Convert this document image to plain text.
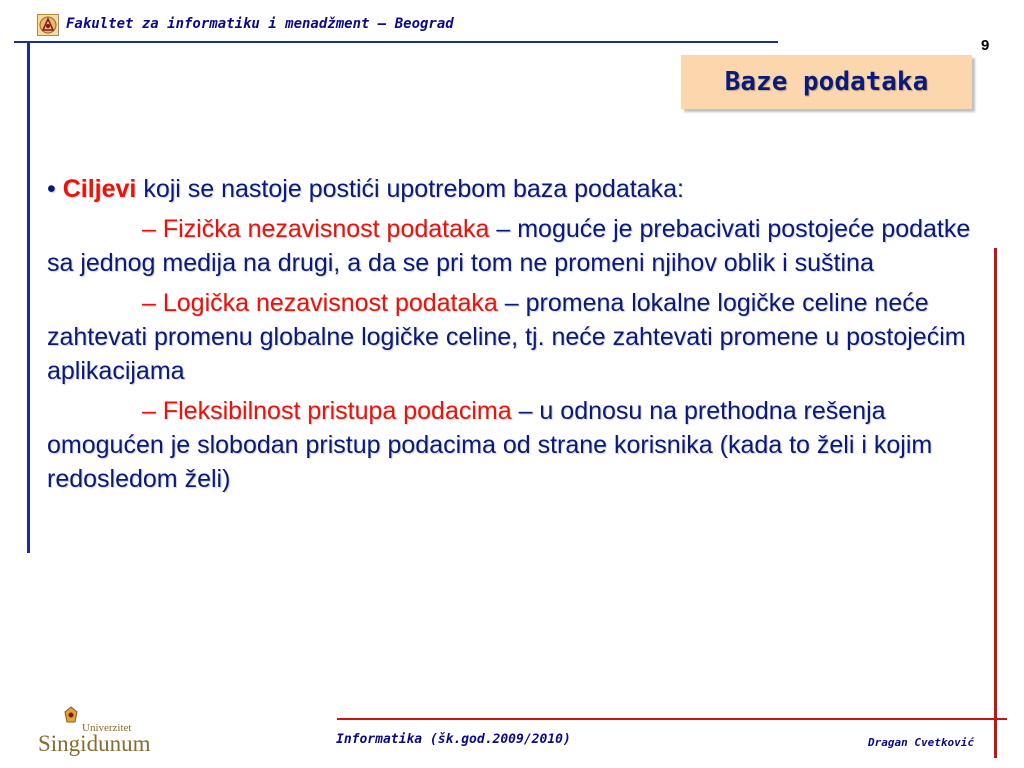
Fakultet za informatiku i menadžment – Beograd
9
Baze podataka

• Ciljevi koji se nastoje postići upotrebom baza podataka:

– Fizička nezavisnost podataka – moguće je prebacivati postojeće podatke sa jednog medija na drugi, a da se pri tom ne promeni njihov oblik i suština

– Logička nezavisnost podataka – promena lokalne logičke celine neće zahtevati promenu globalne logičke celine, tj. neće zahtevati promene u postojećim aplikacijama

– Fleksibilnost pristupa podacima – u odnosu na prethodna rešenja omogućen je slobodan pristup podacima od strane korisnika (kada to želi i kojim redosledom želi)

Univerzitet
Singidunum	Informatika (šk.god.2009/2010)	Dragan Cvetković
